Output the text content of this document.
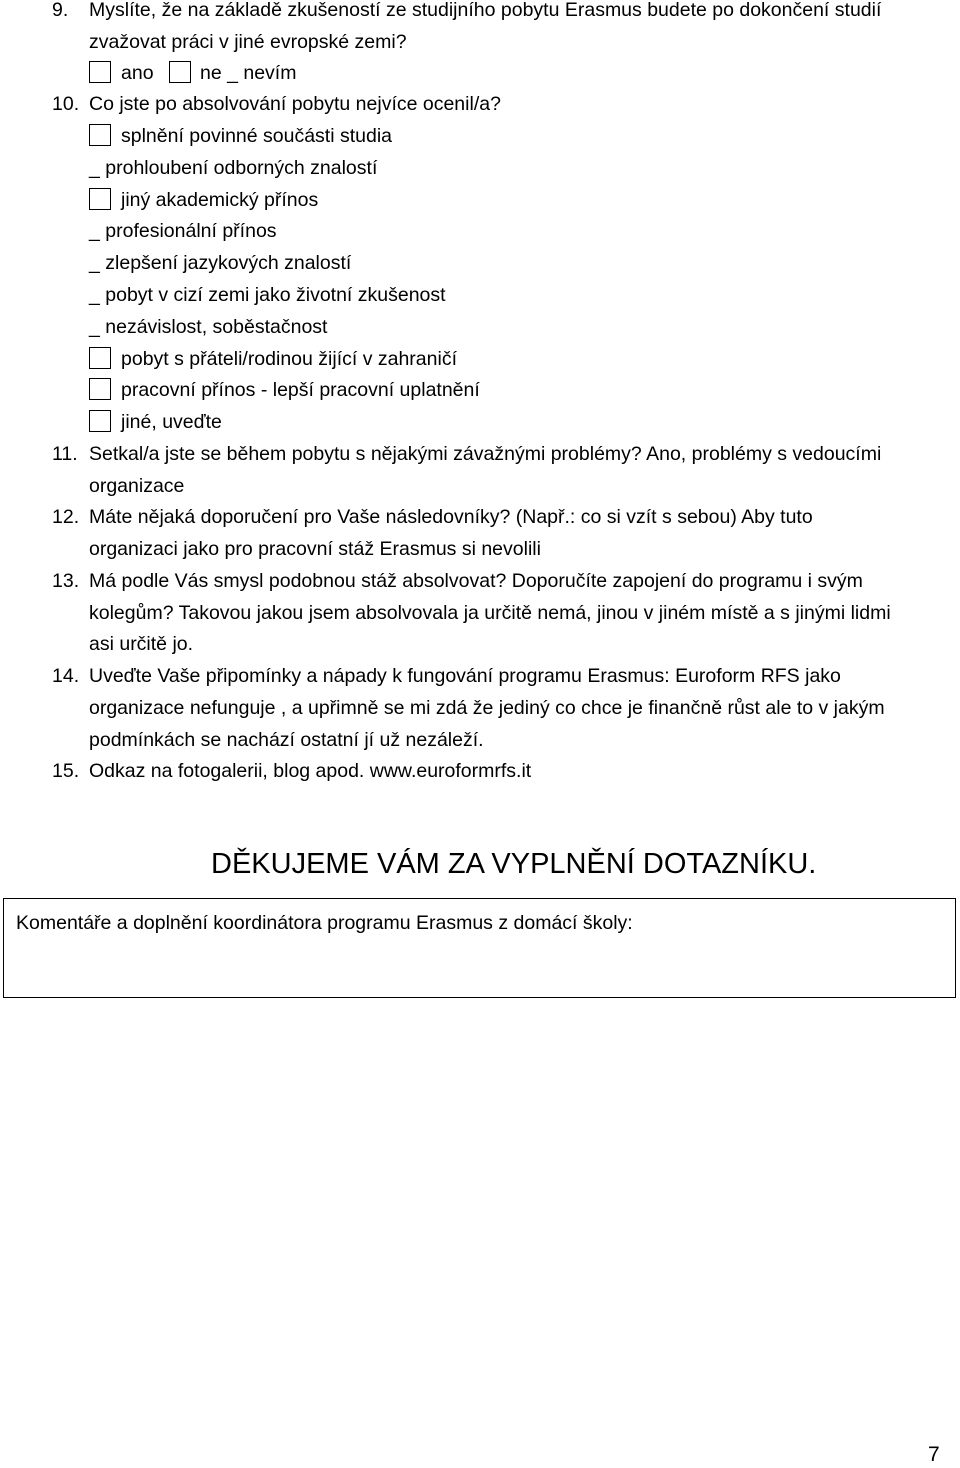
9. Myslíte, že na základě zkušeností ze studijního pobytu Erasmus budete po dokončení studií
zvažovat práci v jiné evropské zemi?
ano ne _ nevím
10. Co jste po absolvování pobytu nejvíce ocenil/a?
splnění povinné součásti studia
_ prohloubení odborných znalostí
jiný akademický přínos
_ profesionální přínos
_ zlepšení jazykových znalostí
_ pobyt v cizí zemi jako životní zkušenost
_ nezávislost, soběstačnost
pobyt s přáteli/rodinou žijící v zahraničí
pracovní přínos - lepší pracovní uplatnění
jiné, uveďte
11. Setkal/a jste se během pobytu s nějakými závažnými problémy? Ano, problémy s vedoucími
organizace
12. Máte nějaká doporučení pro Vaše následovníky? (Např.: co si vzít s sebou) Aby tuto
organizaci jako pro pracovní stáž Erasmus si nevolili
13. Má podle Vás smysl podobnou stáž absolvovat? Doporučíte zapojení do programu i svým
kolegům? Takovou jakou jsem absolvovala ja určitě nemá, jinou v jiném místě a s jinými lidmi
asi určitě jo.
14. Uveďte Vaše připomínky a nápady k fungování programu Erasmus: Euroform RFS jako
organizace nefunguje , a upřimně se mi zdá že jediný co chce je finančně růst ale to v jakým
podmínkách se nachází ostatní jí už nezáleží.
15. Odkaz na fotogalerii, blog apod. www.euroformrfs.it
DĚKUJEME VÁM ZA VYPLNĚNÍ DOTAZNÍKU.
Komentáře a doplnění koordinátora programu Erasmus z domácí školy:
7
